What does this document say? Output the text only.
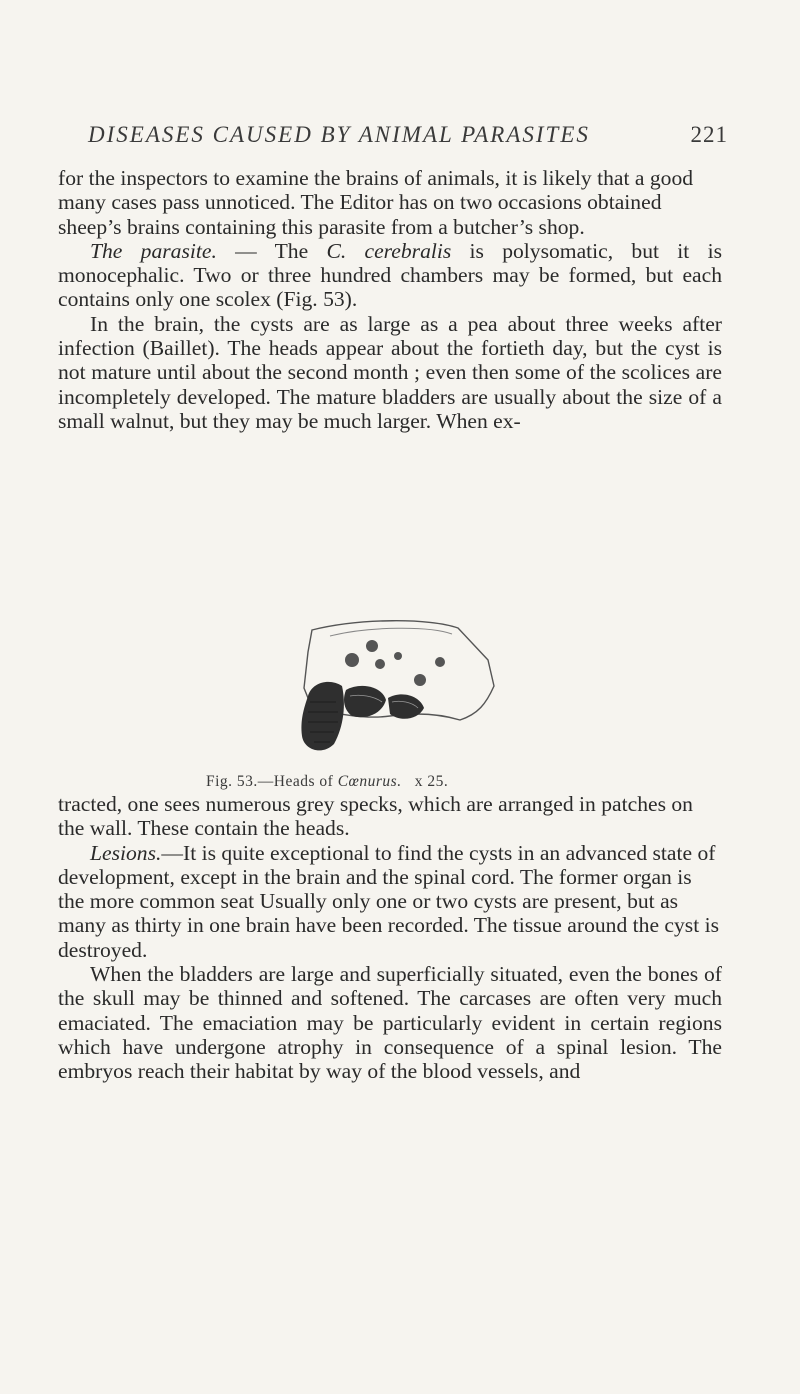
DISEASES CAUSED BY ANIMAL PARASITES	221

for the inspectors to examine the brains of animals, it is likely that a good many cases pass unnoticed. The Editor has on two occasions obtained sheep’s brains containing this parasite from a butcher’s shop.

The parasite. — The C. cerebralis is polysomatic, but it is monocephalic. Two or three hundred chambers may be formed, but each contains only one scolex (Fig. 53).

In the brain, the cysts are as large as a pea about three weeks after infection (Baillet). The heads appear about the fortieth day, but the cyst is not mature until about the second month ; even then some of the scolices are incompletely developed. The mature bladders are usually about the size of a small walnut, but they may be much larger. When ex-

Fig. 53.—Heads of Cœnurus. x 25.

tracted, one sees numerous grey specks, which are arranged in patches on the wall. These contain the heads.

Lesions.—It is quite exceptional to find the cysts in an advanced state of development, except in the brain and the spinal cord. The former organ is the more common seat Usually only one or two cysts are present, but as many as thirty in one brain have been recorded. The tissue around the cyst is destroyed.

When the bladders are large and superficially situated, even the bones of the skull may be thinned and softened. The carcases are often very much emaciated. The emaciation may be particularly evident in certain regions which have undergone atrophy in consequence of a spinal lesion. The embryos reach their habitat by way of the blood vessels, and
